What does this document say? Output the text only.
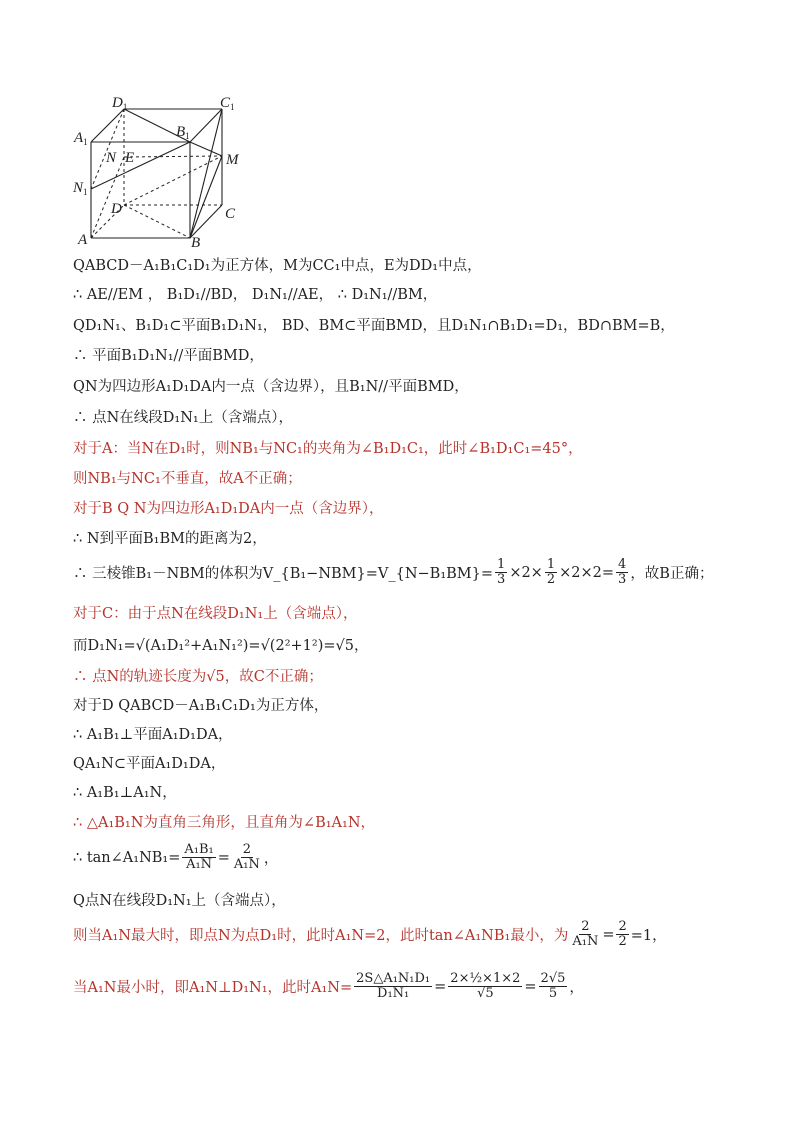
$D_1$	$C_1$
$A_1$
$B_1$
N E	M
$N_1$
D	C
A	B
QABCD－A₁B₁C₁D₁为正方体，M为CC₁中点，E为DD₁中点，
∴ AE//EM ， B₁D₁//BD， D₁N₁//AE， ∴ D₁N₁//BM，
QD₁N₁、B₁D₁⊂平面B₁D₁N₁， BD、BM⊂平面BMD，且D₁N₁∩B₁D₁=D₁，BD∩BM=B，
∴ 平面B₁D₁N₁//平面BMD，
QN为四边形A₁D₁DA内一点（含边界），且B₁N//平面BMD，
∴ 点N在线段D₁N₁上（含端点），
对于A：当N在D₁时，则NB₁与NC₁的夹角为∠B₁D₁C₁，此时∠B₁D₁C₁=45°，
则NB₁与NC₁不垂直，故A不正确；
对于B Q N为四边形A₁D₁DA内一点（含边界），
∴ N到平面B₁BM的距离为2，
∴ 三棱锥B₁－NBM的体积为V_{B₁−NBM}=V_{N−B₁BM}= $\frac{1}{3} \times 2\times \frac{1}{2} \times 2\times 2= \frac{4}{3}$ ，故B正确；
对于C：由于点N在线段D₁N₁上（含端点），
而D₁N₁=√(A₁D₁²+A₁N₁²)=√(2²+1²)=√5，
∴ 点N的轨迹长度为√5，故C不正确；
对于D QABCD－A₁B₁C₁D₁为正方体，
∴ A₁B₁⊥平面A₁D₁DA，
QA₁N⊂平面A₁D₁DA，
∴ A₁B₁⊥A₁N，
∴ △A₁B₁N为直角三角形，且直角为∠B₁A₁N，
∴ tan∠A₁NB₁= $\frac{\text{A₁B₁}}{\text{A₁N}} = \frac{2}{\text{A₁N}}$ ，
Q点N在线段D₁N₁上（含端点），
则当A₁N最大时，即点N为点D₁时，此时A₁N=2，此时tan∠A₁NB₁最小，为 $\frac{2}{\text{A₁N}} = \frac{2}{2} =1$，
当A₁N最小时，即A₁N⊥D₁N₁，此时$A_1N= \frac{\text{2S△A₁N₁D₁}}{\text{D₁N₁}} = \frac{\text{2×½×1×2}}{√5} = \frac{2√5}{5}$ ，
